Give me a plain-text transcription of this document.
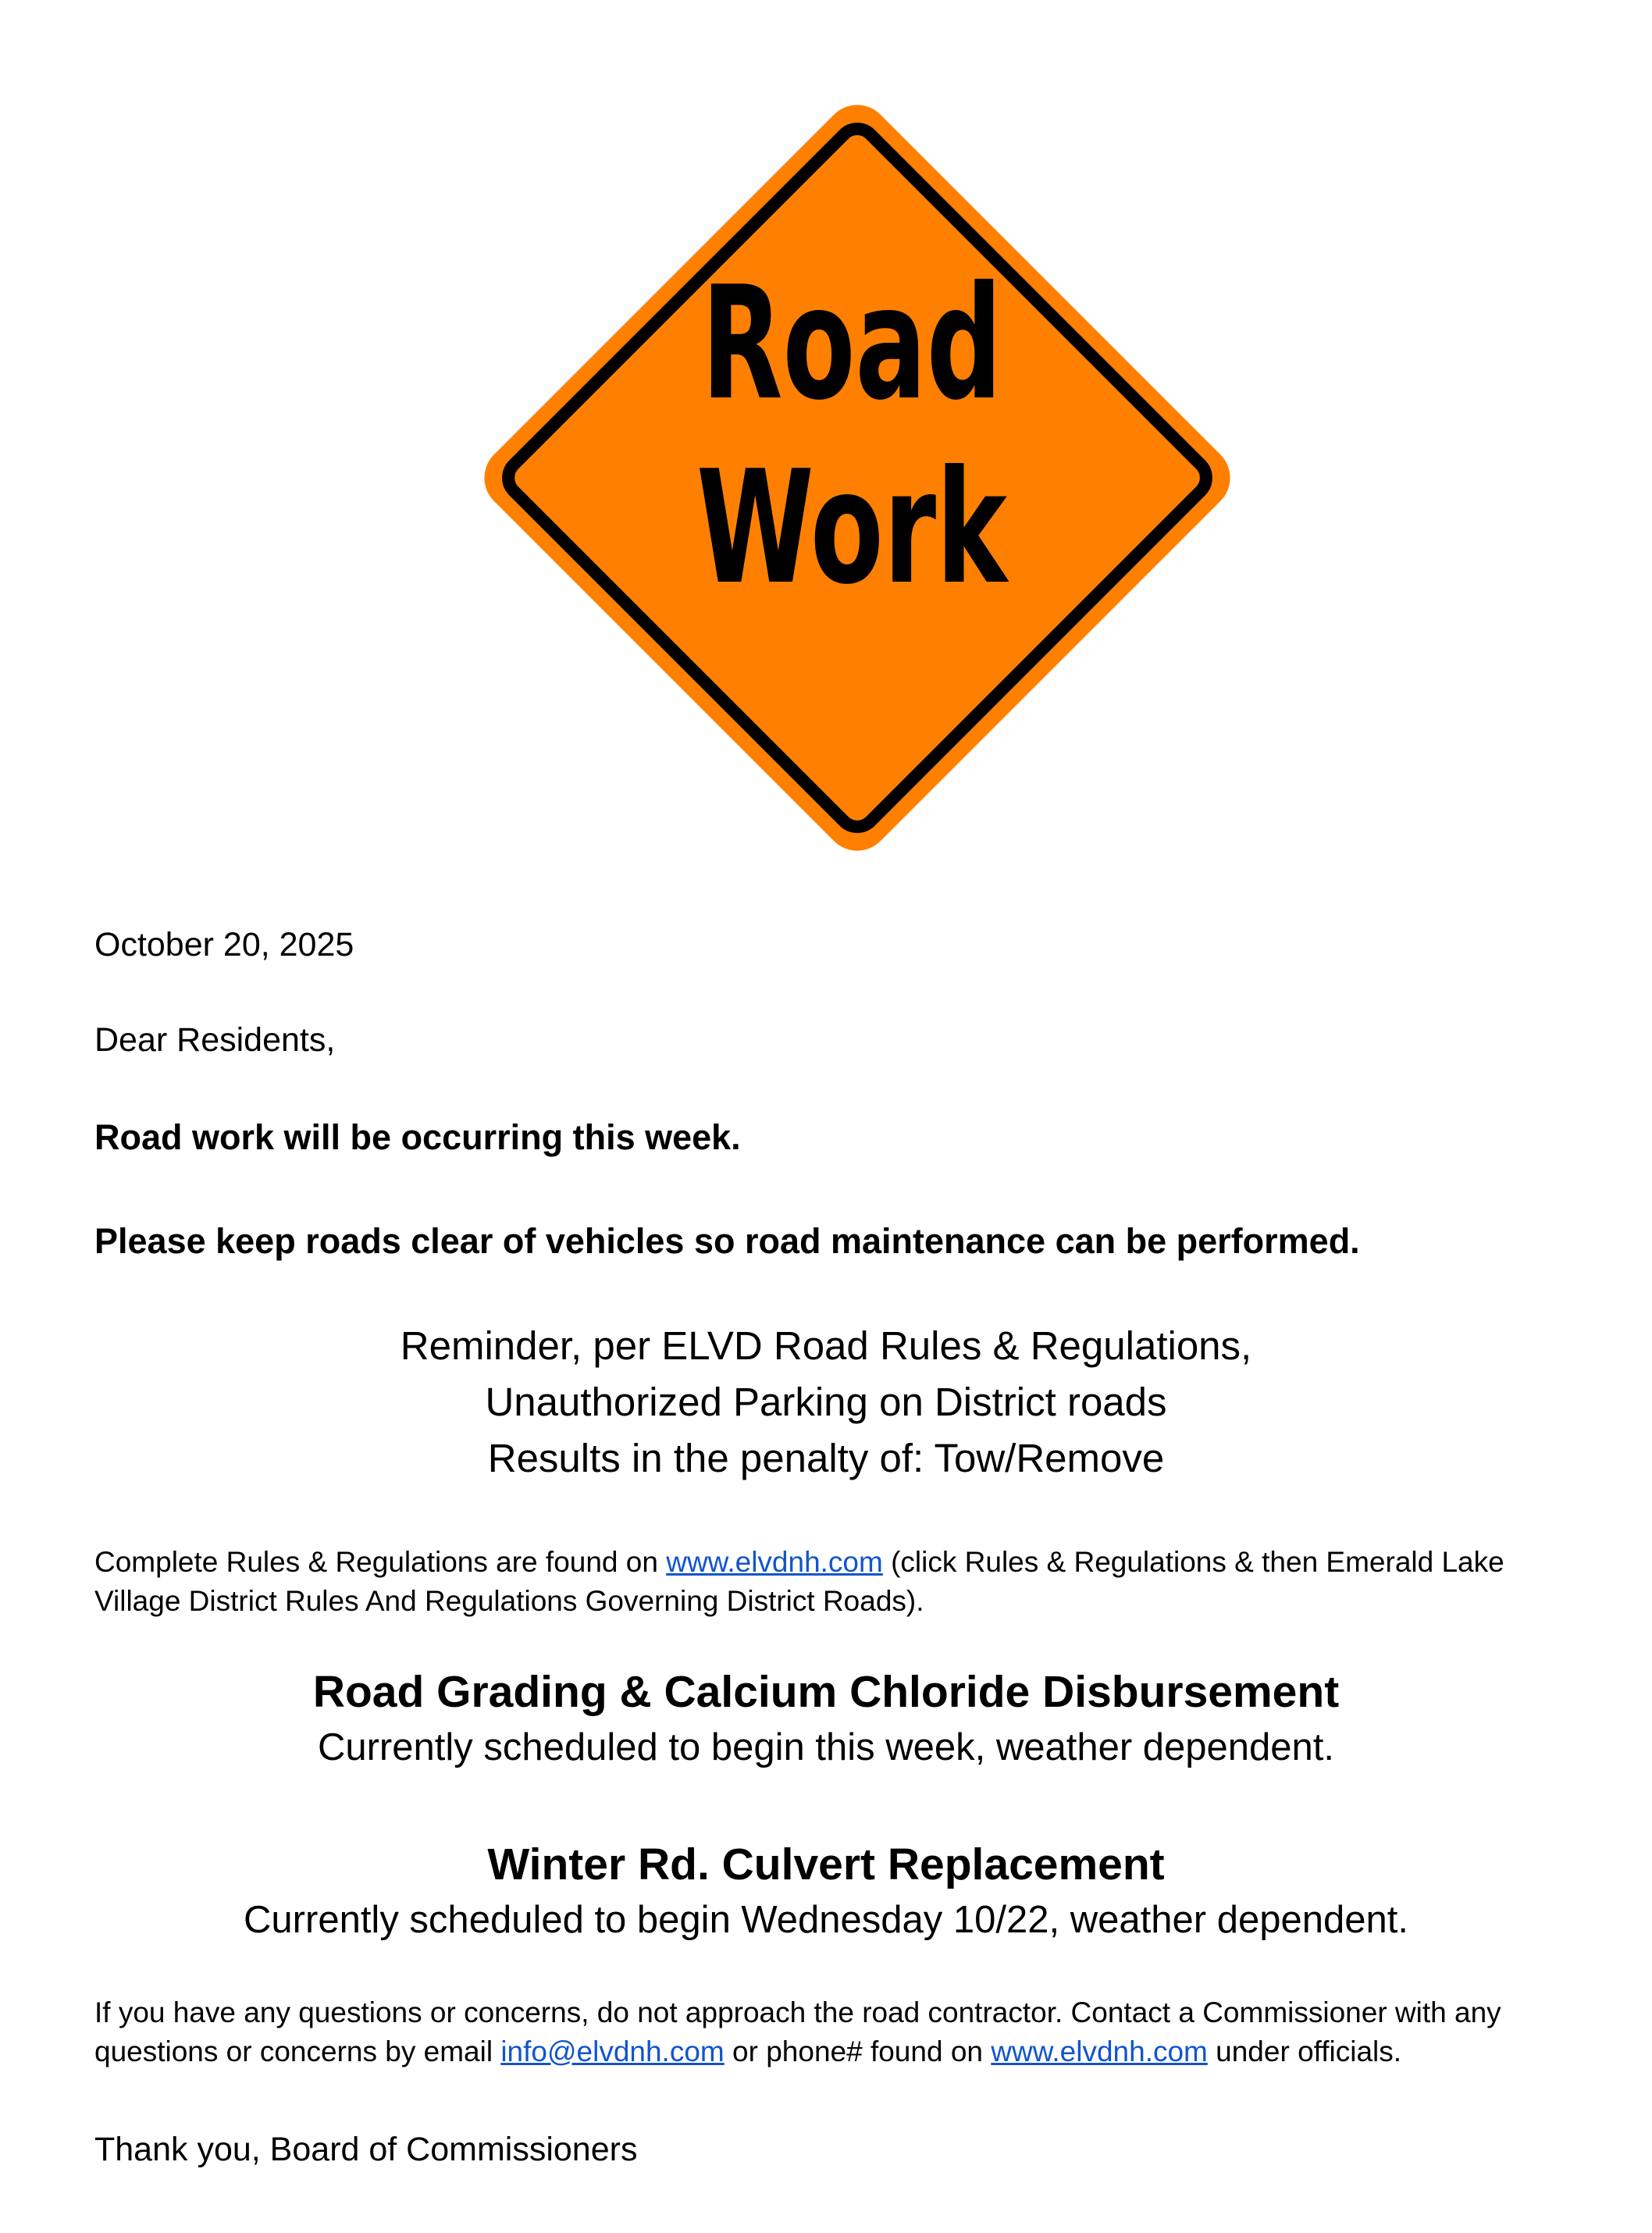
Road
Work
October 20, 2025
Dear Residents,
Road work will be occurring this week.
Please keep roads clear of vehicles so road maintenance can be performed.
Reminder, per ELVD Road Rules & Regulations,
Unauthorized Parking on District roads
Results in the penalty of: Tow/Remove
Complete Rules & Regulations are found on www.elvdnh.com (click Rules & Regulations & then Emerald Lake Village District Rules And Regulations Governing District Roads).
Road Grading & Calcium Chloride Disbursement
Currently scheduled to begin this week, weather dependent.
Winter Rd. Culvert Replacement
Currently scheduled to begin Wednesday 10/22, weather dependent.
If you have any questions or concerns, do not approach the road contractor. Contact a Commissioner with any questions or concerns by email info@elvdnh.com or phone# found on www.elvdnh.com under officials.
Thank you, Board of Commissioners
